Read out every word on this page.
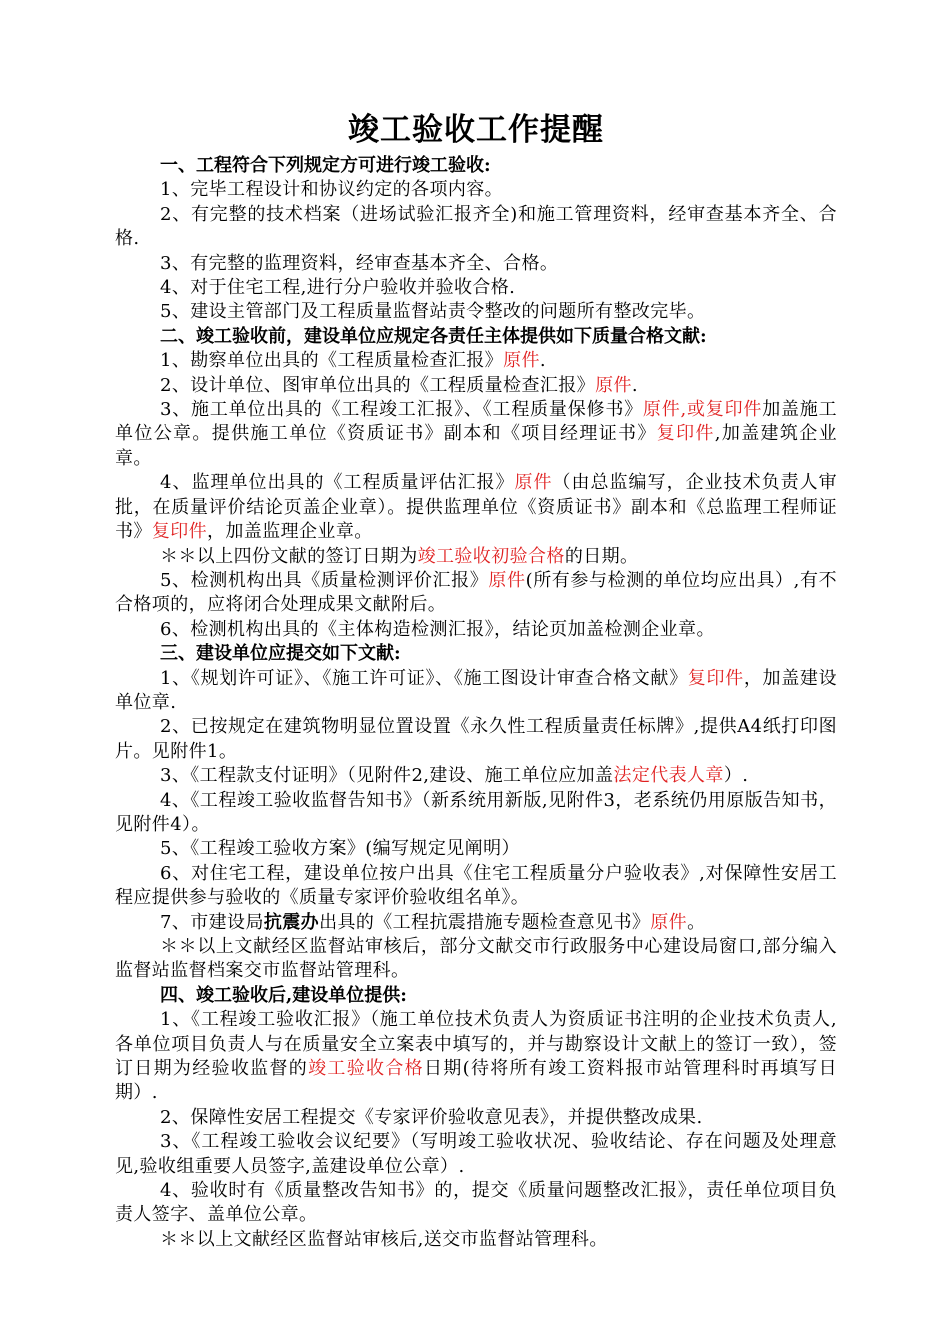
竣工验收工作提醒

一、工程符合下列规定方可进行竣工验收:

1、完毕工程设计和协议约定的各项内容。

2、有完整的技术档案（进场试验汇报齐全)和施工管理资料，经审查基本齐全、合格.

3、有完整的监理资料，经审查基本齐全、合格。

4、对于住宅工程,进行分户验收并验收合格.

5、建设主管部门及工程质量监督站责令整改的问题所有整改完毕。

二、竣工验收前，建设单位应规定各责任主体提供如下质量合格文献:

1、勘察单位出具的《工程质量检查汇报》原件.

2、设计单位、图审单位出具的《工程质量检查汇报》原件.

3、施工单位出具的《工程竣工汇报》、《工程质量保修书》原件,或复印件加盖施工单位公章。提供施工单位《资质证书》副本和《项目经理证书》复印件,加盖建筑企业章。

4、监理单位出具的《工程质量评估汇报》原件（由总监编写，企业技术负责人审批，在质量评价结论页盖企业章）。提供监理单位《资质证书》副本和《总监理工程师证书》复印件，加盖监理企业章。

＊＊以上四份文献的签订日期为竣工验收初验合格的日期。

5、检测机构出具《质量检测评价汇报》原件(所有参与检测的单位均应出具）,有不合格项的，应将闭合处理成果文献附后。

6、检测机构出具的《主体构造检测汇报》，结论页加盖检测企业章。

三、建设单位应提交如下文献:

1、《规划许可证》、《施工许可证》、《施工图设计审查合格文献》复印件，加盖建设单位章.

2、已按规定在建筑物明显位置设置《永久性工程质量责任标牌》,提供A4纸打印图片。见附件1。

3、《工程款支付证明》（见附件2,建设、施工单位应加盖法定代表人章）.

4、《工程竣工验收监督告知书》（新系统用新版,见附件3，老系统仍用原版告知书，见附件4）。

5、《工程竣工验收方案》(编写规定见阐明）

6、对住宅工程，建设单位按户出具《住宅工程质量分户验收表》,对保障性安居工程应提供参与验收的《质量专家评价验收组名单》。

7、市建设局抗震办出具的《工程抗震措施专题检查意见书》原件。

＊＊以上文献经区监督站审核后，部分文献交市行政服务中心建设局窗口,部分编入监督站监督档案交市监督站管理科。

四、竣工验收后,建设单位提供:

1、《工程竣工验收汇报》（施工单位技术负责人为资质证书注明的企业技术负责人,各单位项目负责人与在质量安全立案表中填写的，并与勘察设计文献上的签订一致），签订日期为经验收监督的竣工验收合格日期(待将所有竣工资料报市站管理科时再填写日期）.

2、保障性安居工程提交《专家评价验收意见表》，并提供整改成果.

3、《工程竣工验收会议纪要》（写明竣工验收状况、验收结论、存在问题及处理意见,验收组重要人员签字,盖建设单位公章）.

4、验收时有《质量整改告知书》的，提交《质量问题整改汇报》，责任单位项目负责人签字、盖单位公章。

＊＊以上文献经区监督站审核后,送交市监督站管理科。
